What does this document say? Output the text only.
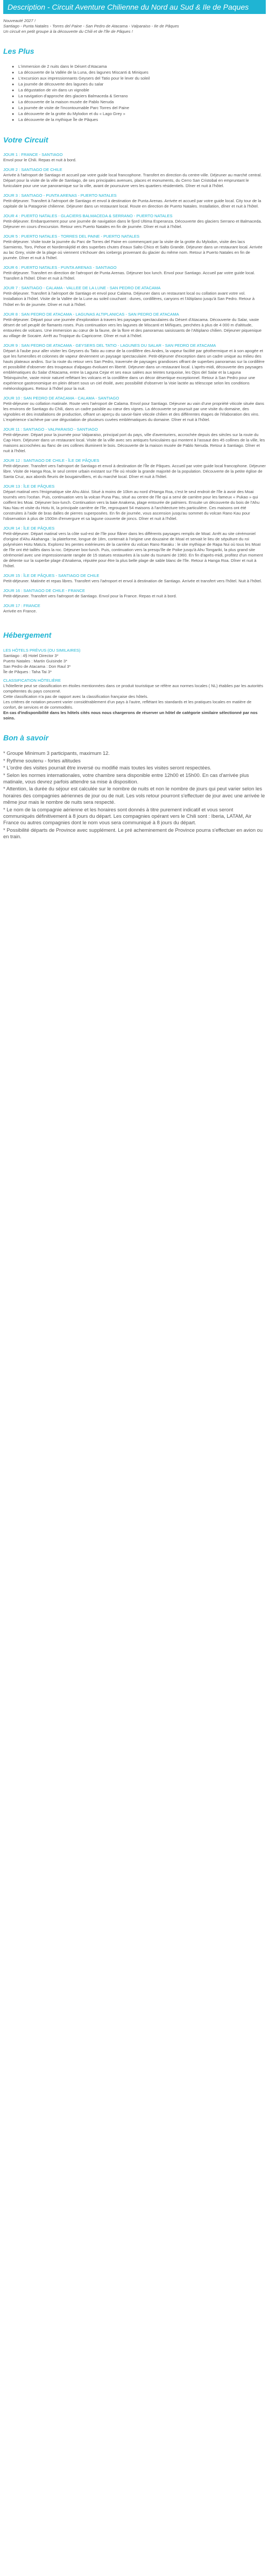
Description - Circuit Aventure Chilienne du Nord au Sud & Ile de Paques

Nouveauté 2027 !

Santiago - Punta Natales - Torres del Paine - San Pedro de Atacama - Valparaiso - Ile de Pâques

Un circuit en petit groupe à la découverte du Chili et de l'île de Pâques !

Les Plus
● L'immersion de 2 nuits dans le Désert d'Atacama
● La découverte de la Vallée de la Luna, des lagunes Miscanti & Miniques
● L'excursion aux impressionnants Geysers del Tatio pour le lever du soleil
● La journée de découverte des lagunes du salar
● La dégustation de vin dans un vignoble
● La navigation d'approche des glaciers Balmaceda & Serrano
● La découverte de la maison musée de Pablo Neruda
● La journée de visite de l'incontournable Parc Torres del Paine
● La découverte de la grotte du Mylodon et du « Lago Grey »
● La découverte de la mythique Île de Pâques
Votre Circuit

JOUR 1 : FRANCE - SANTIAGO

Envol pour le Chili. Repas et nuit à bord.

JOUR 2 : SANTIAGO DE CHILE

Arrivée à l'aéroport de Santiago et accueil par votre guide local francophone. Transfert en direction du centre-ville. Déjeuner au marché central. Départ pour la visite de la ville de Santiago, de ses principales avenues, places et monuments, du Cerro San Cristobal en empruntant le funiculaire pour une vue panoramique sur la ville, avant de poursuivre vers les quartiers résidentiels. Dîner et nuit à l'hôtel.

JOUR 3 : SANTIAGO - PUNTA ARENAS - PUERTO NATALES

Petit-déjeuner. Transfert à l'aéroport de Santiago et envol à destination de Punta Arenas. Arrivée et accueil par votre guide local. City tour de la capitale de la Patagonie chilienne. Déjeuner dans un restaurant local. Route en direction de Puerto Natales. Installation, dîner et nuit à l'hôtel.

JOUR 4 : PUERTO NATALES - GLACIERS BALMACEDA & SERRANO - PUERTO NATALES

Petit-déjeuner. Embarquement pour une journée de navigation dans le fjord Ultima Esperanza. Découverte des glaciers Serrano et Balmaceda. Déjeuner en cours d'excursion. Retour vers Puerto Natales en fin de journée. Dîner et nuit à l'hôtel.

JOUR 5 : PUERTO NATALES - TORRES DEL PAINE - PUERTO NATALES

Petit-déjeuner. Visite toute la journée du Parc de Torres del Paine en commençant par la visite de la grotte du Mylodon, visite des lacs Sarmiento, Toro, Pehoe et Nordenskjöld et des superbes chutes d'eaux Salto Chico et Salto Grande. Déjeuner dans un restaurant local. Arrivée au lac Grey, visite de la plage où viennent s'échouer des icebergs provenant du glacier du même nom. Retour à Puerto Natales en fin de journée. Dîner et nuit à l'hôtel.

JOUR 6 : PUERTO NATALES - PUNTA ARENAS - SANTIAGO

Petit-déjeuner. Transfert en direction de l'aéroport de Punta Arenas. Déjeuner box lunch. Envol pour Santiago. Accueil par votre guide local. Transfert à l'hôtel. Dîner et nuit à l'hôtel.

JOUR 7 : SANTIAGO - CALAMA - VALLEE DE LA LUNE - SAN PEDRO DE ATACAMA

Petit-déjeuner. Transfert à l'aéroport de Santiago et envol pour Calama. Déjeuner dans un restaurant local ou collation avant votre vol. Installation à l'hôtel. Visite de la Vallée de la Lune au soleil couchant : dunes, cordillères, canyons et l'Altiplano jusqu'à San Pedro. Retour à l'hôtel en fin de journée. Dîner et nuit à l'hôtel.

JOUR 8 : SAN PEDRO DE ATACAMA - LAGUNAS ALTIPLANICAS - SAN PEDRO DE ATACAMA

Petit-déjeuner. Départ pour une journée d'exploration à travers les paysages spectaculaires du Désert d'Atacama. Découverte du Salar, vaste désert de sel peuplé de flamants roses. Puis continuation vers les lagunes de Miscanti et Miñiques, perchées à plus de 4 000 m d'altitude, entourées de volcans. Une immersion au cœur de la faune, de la flore et des panoramas saisissants de l'Altiplano chilien. Déjeuner piquenique au village de Socaire. Arrêt au Tropique du Capricorne. Dîner et nuit à l'hôtel.

JOUR 9 : SAN PEDRO DE ATACAMA - GEYSERS DEL TATIO - LAGUNES DU SALAR - SAN PEDRO DE ATACAMA

Départ à l'aube pour aller visiter les Geysers du Tatio au cœur de la cordillère des Andes, la vapeur facilité par géothermique et à son apogée et que les fumerolles et colonnes de vapeur deviennent un paysage spectaculaire. Petit-déjeuner d'exception dans un cadre unique au milieu des hauts plateaux andins. Sur la route du retour vers San Pedro, traversée de paysages grandioses offrant de superbes panoramas sur la cordillère et possibilité d'observer des troupeaux d'alpagas évoluant en liberté. Déjeuner dans un restaurant local. L'après-midi, découverte des paysages emblématiques du Salar d'Atacama, entre la Laguna Cejar et ses eaux salées aux teintes turquoise, les Ojos del Salar et la Laguna Tebinquinche, vaste miroir naturel reflétant les volcans et la cordillère dans un décor désertique exceptionnel. Retour à San Pedro pour une expérience gastronomique en plein désert sous un ciel étoilé, avec possibilité d'observer la Voie lactée au télescope selon les conditions météorologiques. Retour à l'hôtel pour la nuit.

JOUR 10 : SAN PEDRO DE ATACAMA - CALAMA - SANTIAGO

Petit-déjeuner ou collation matinale. Route vers l'aéroport de Calama. Envol pour Santiago. Déjeuner au vain d'une propriété viticole située dans les environs de Santiago du Chili, dans un cadre paisible au cœur des vignes. La découverte se poursuit par une visite du domaine, des vignobles et des installations de production, offrant un aperçu du savoir-faire viticole chilien et des différentes étapes de l'élaboration des vins. L'expérience s'achève par une dégustation de plusieurs cuvées emblématiques du domaine. Dîner et nuit à l'hôtel.

JOUR 11 : SANTIAGO - VALPARAISO - SANTIAGO

Petit-déjeuner. Départ pour la journée pour Valparaiso, principal port du pays, ville d'aventuriers, accrochée depuis des siècles sur la route du Cap Horn. Déjeuner dans un restaurant local. Visite de la ville avec ses antiques funiculaires qui montent à l'assaut des 45 collines de la ville, les maisons accrochées au flanc de ces collines illuminent le bois. Découverte de la maison musée de Pablo Neruda. Retour à Santiago. Dîner et nuit à l'hôtel.

JOUR 12 : SANTIAGO DE CHILE - ÎLE DE PÂQUES

Petit-déjeuner. Transfert vers l'aéroport de Santiago et envol à destination de l'Île de Pâques. Accueil par votre guide local francophone. Déjeuner libre. Visite de Hanga Roa, le seul centre urbain existant sur l'île où réside la grande majorité de la population. Découverte de la petite église de Santa Cruz, aux abords fleuris de bougainvilliers, et du marché local. Dîner et nuit à l'hôtel.

JOUR 13 : ÎLE DE PÂQUES

Départ matinal vers l'énigmatique site Ahu Akivi. Situé à moins de 10km au nord d'Hanga Roa, c'est le seul endroit de l'île à avoir des Moai tournés vers l'océan. Puis, continuation vers la volcan Puna Pau, situé au centre de l'île qui a servi de carrière pour les fameux « Pukao » qui coiffent les Moai. Déjeuner box-lunch. Continuation vers la baie Anakena, plage entourée de palmiers. Ensuite un découverte du bois de l'Ahu Nau Nau et visite du Hotu Iti, la principale carrière de l'île, regroupant 54 maisons à l'architecture très particulière. Ces maisons ont été construites à l'aide de bras dalles de pierres superposées. En fin de journée, vous ascension jusqu'au sommet du volcan Rano Kau pour l'observation à plus de 1500m d'envergure et sa lagune couverte de joncs. Dîner et nuit à l'hôtel.

JOUR 14 : ÎLE DE PÂQUES

Petit-déjeuner. Départ matinal vers la côte sud-est de l'île pour flâner dans les différents paysages remplis de Moaï. Arrêt au site cérémoniel d'origine d'Ahu Akahanga : la plateforme, longue de 18m, contenait à l'origine une douzaine de Moaï et servait le lieu de sépulture du roi polynésien Hotu Matu'a. Explorez les pentes extérieures de la carrière du volcan Rano Raraku : le site mythique de Rapa Nui où tous les Moaï de l'île ont été taillés dans la roc. Déjeuner box-lunch. Puis, continuation vers la presqu'île de Poike jusqu'à Ahu Tongariki, la plus grand site cérémoniel avec une impressionnante rangée de 15 statues restaurées à la suite du tsunami de 1960. En fin d'après-midi, profitez d'un moment de détente sur la superbe plage d'Anakena, réputée pour être la plus belle plage de sable blanc de l'île. Retour à Hanga Roa. Dîner et nuit à l'hôtel.

JOUR 15 : ÎLE DE PÂQUES - SANTIAGO DE CHILE

Petit-déjeuner. Matinée et repas libres. Transfert vers l'aéroport et envol à destination de Santiago. Arrivée et transfert vers l'hôtel. Nuit à l'hôtel.

JOUR 16 : SANTIAGO DE CHILE - FRANCE

Petit-déjeuner. Transfert vers l'aéroport de Santiago. Envol pour la France. Repas et nuit à bord.

JOUR 17 : FRANCE

Arrivée en France.

Hébergement

LES HÔTELS PRÉVUS (OU SIMILAIRES)

Santiago : 4§ Hotel Director 3*

Puerto Natales : Martin Guisinde 3*

San Pedro de Atacama : Don Raul 3*

Île de Pâques : Taha Tai 3*

CLASSIFICATION HÔTELIÈRE

L'hôtellerie peut se classification en étoiles mentionnées dans ce produit touristique se réfère aux normes locales ( NL) établies par les autorités compétentes du pays concerné.

Cette classification n'a pas de rapport avec la classification française des hôtels.

Les critères de notation peuvent varier considérablement d'un pays à l'autre, reflétant les standards et les pratiques locales en matière de confort, de services et de commodités.

En cas d'indisponibilité dans les hôtels cités nous nous chargerons de réserver un hôtel de catégorie similaire sélectionné par nos soins.

Bon à savoir

* Groupe Minimum 3 participants, maximum 12.

* Rythme soutenu - fortes altitudes

* L'ordre des visites pourrait être inversé ou modifié mais toutes les visites seront respectées.

* Selon les normes internationales, votre chambre sera disponible entre 12h00 et 15h00. En cas d'arrivée plus matinale, vous devrez parfois attendre sa mise à disposition.

* Attention, la durée du séjour est calculée sur le nombre de nuits et non le nombre de jours qui peut varier selon les horaires des compagnies aériennes de jour ou de nuit. Les vols retour pourront s'effectuer de jour avec une arrivée le même jour mais le nombre de nuits sera respecté.

* Le nom de la compagnie aérienne et les horaires sont donnés à titre purement indicatif et vous seront communiqués définitivement à 8 jours du départ. Les compagnies opérant vers le Chili sont : Iberia, LATAM, Air France ou autres compagnies dont le nom vous sera communiqué à 8 jours du départ.

* Possibilité départs de Province avec supplément. Le pré acheminement de Province pourra s'effectuer en avion ou en train.
